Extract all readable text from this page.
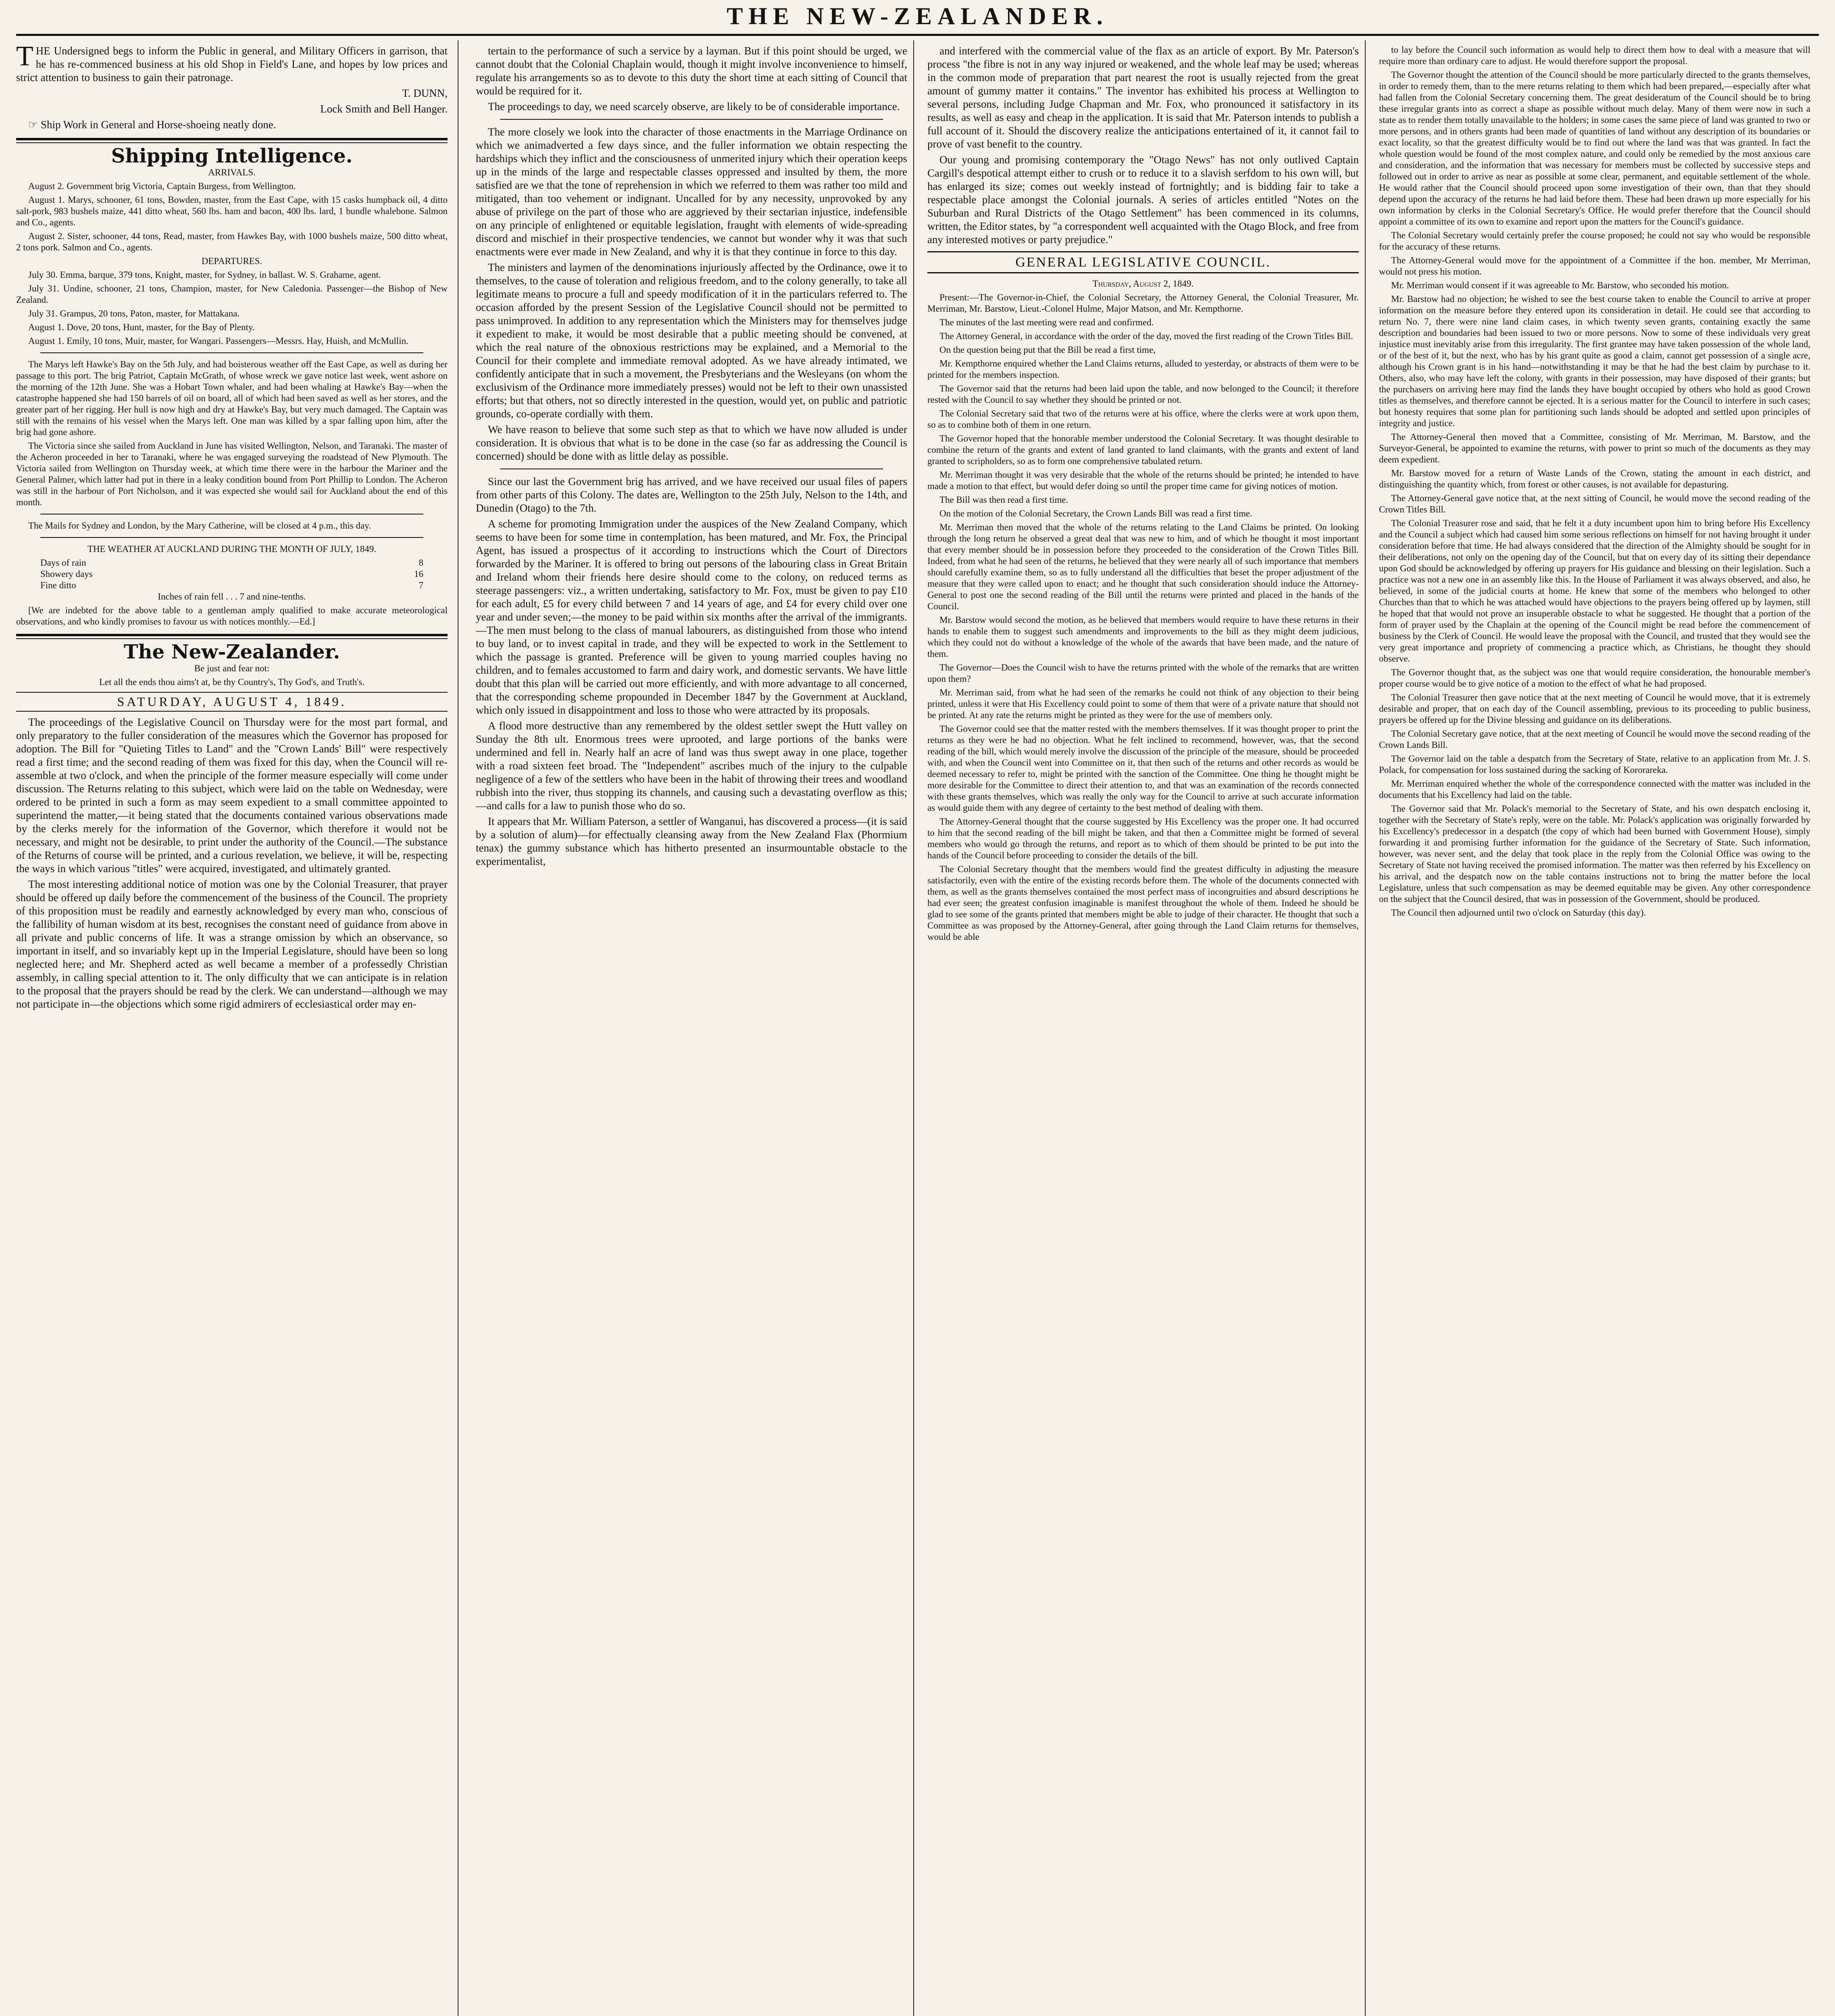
THE NEW-ZEALANDER.

THE Undersigned begs to inform the Public in general, and Military Officers in garrison, that he has re-commenced business at his old Shop in Field's Lane, and hopes by low prices and strict attention to business to gain their patronage.

T. DUNN,

Lock Smith and Bell Hanger.

☞ Ship Work in General and Horse-shoeing neatly done.

Shipping Intelligence.

ARRIVALS.

August 2. Government brig Victoria, Captain Burgess, from Wellington.

August 1. Marys, schooner, 61 tons, Bowden, master, from the East Cape, with 15 casks humpback oil, 4 ditto salt-pork, 983 bushels maize, 441 ditto wheat, 560 lbs. ham and bacon, 400 lbs. lard, 1 bundle whalebone. Salmon and Co., agents.

August 2. Sister, schooner, 44 tons, Read, master, from Hawkes Bay, with 1000 bushels maize, 500 ditto wheat, 2 tons pork. Salmon and Co., agents.

DEPARTURES.

July 30. Emma, barque, 379 tons, Knight, master, for Sydney, in ballast. W. S. Grahame, agent.

July 31. Undine, schooner, 21 tons, Champion, master, for New Caledonia. Passenger—the Bishop of New Zealand.

July 31. Grampus, 20 tons, Paton, master, for Mattakana.

August 1. Dove, 20 tons, Hunt, master, for the Bay of Plenty.

August 1. Emily, 10 tons, Muir, master, for Wangari. Passengers—Messrs. Hay, Huish, and McMullin.

The Marys left Hawke's Bay on the 5th July, and had boisterous weather off the East Cape, as well as during her passage to this port. The brig Patriot, Captain McGrath, of whose wreck we gave notice last week, went ashore on the morning of the 12th June. She was a Hobart Town whaler, and had been whaling at Hawke's Bay—when the catastrophe happened she had 150 barrels of oil on board, all of which had been saved as well as her stores, and the greater part of her rigging. Her hull is now high and dry at Hawke's Bay, but very much damaged. The Captain was still with the remains of his vessel when the Marys left. One man was killed by a spar falling upon him, after the brig had gone ashore.

The Victoria since she sailed from Auckland in June has visited Wellington, Nelson, and Taranaki. The master of the Acheron proceeded in her to Taranaki, where he was engaged surveying the roadstead of New Plymouth. The Victoria sailed from Wellington on Thursday week, at which time there were in the harbour the Mariner and the General Palmer, which latter had put in there in a leaky condition bound from Port Phillip to London. The Acheron was still in the harbour of Port Nicholson, and it was expected she would sail for Auckland about the end of this month.

The Mails for Sydney and London, by the Mary Catherine, will be closed at 4 p.m., this day.

THE WEATHER AT AUCKLAND DURING THE MONTH OF JULY, 1849.

Days of rain	8
Showery days	16
Fine ditto	7

Inches of rain fell . . . 7 and nine-tenths.

[We are indebted for the above table to a gentleman amply qualified to make accurate meteorological observations, and who kindly promises to favour us with notices monthly.—Ed.]

The New-Zealander.

Be just and fear not:

Let all the ends thou aims't at, be thy Country's, Thy God's, and Truth's.

SATURDAY, AUGUST 4, 1849.

The proceedings of the Legislative Council on Thursday were for the most part formal, and only preparatory to the fuller consideration of the measures which the Governor has proposed for adoption. The Bill for "Quieting Titles to Land" and the "Crown Lands' Bill" were respectively read a first time; and the second reading of them was fixed for this day, when the Council will re-assemble at two o'clock, and when the principle of the former measure especially will come under discussion. The Returns relating to this subject, which were laid on the table on Wednesday, were ordered to be printed in such a form as may seem expedient to a small committee appointed to superintend the matter,—it being stated that the documents contained various observations made by the clerks merely for the information of the Governor, which therefore it would not be necessary, and might not be desirable, to print under the authority of the Council.—The substance of the Returns of course will be printed, and a curious revelation, we believe, it will be, respecting the ways in which various "titles" were acquired, investigated, and ultimately granted.

The most interesting additional notice of motion was one by the Colonial Treasurer, that prayer should be offered up daily before the commencement of the business of the Council. The propriety of this proposition must be readily and earnestly acknowledged by every man who, conscious of the fallibility of human wisdom at its best, recognises the constant need of guidance from above in all private and public concerns of life. It was a strange omission by which an observance, so important in itself, and so invariably kept up in the Imperial Legislature, should have been so long neglected here; and Mr. Shepherd acted as well became a member of a professedly Christian assembly, in calling special attention to it. The only difficulty that we can anticipate is in relation to the proposal that the prayers should be read by the clerk. We can understand—although we may not participate in—the objections which some rigid admirers of ecclesiastical order may en-

tertain to the performance of such a service by a layman. But if this point should be urged, we cannot doubt that the Colonial Chaplain would, though it might involve inconvenience to himself, regulate his arrangements so as to devote to this duty the short time at each sitting of Council that would be required for it.

The proceedings to day, we need scarcely observe, are likely to be of considerable importance.

The more closely we look into the character of those enactments in the Marriage Ordinance on which we animadverted a few days since, and the fuller information we obtain respecting the hardships which they inflict and the consciousness of unmerited injury which their operation keeps up in the minds of the large and respectable classes oppressed and insulted by them, the more satisfied are we that the tone of reprehension in which we referred to them was rather too mild and mitigated, than too vehement or indignant. Uncalled for by any necessity, unprovoked by any abuse of privilege on the part of those who are aggrieved by their sectarian injustice, indefensible on any principle of enlightened or equitable legislation, fraught with elements of wide-spreading discord and mischief in their prospective tendencies, we cannot but wonder why it was that such enactments were ever made in New Zealand, and why it is that they continue in force to this day.

The ministers and laymen of the denominations injuriously affected by the Ordinance, owe it to themselves, to the cause of toleration and religious freedom, and to the colony generally, to take all legitimate means to procure a full and speedy modification of it in the particulars referred to. The occasion afforded by the present Session of the Legislative Council should not be permitted to pass unimproved. In addition to any representation which the Ministers may for themselves judge it expedient to make, it would be most desirable that a public meeting should be convened, at which the real nature of the obnoxious restrictions may be explained, and a Memorial to the Council for their complete and immediate removal adopted. As we have already intimated, we confidently anticipate that in such a movement, the Presbyterians and the Wesleyans (on whom the exclusivism of the Ordinance more immediately presses) would not be left to their own unassisted efforts; but that others, not so directly interested in the question, would yet, on public and patriotic grounds, co-operate cordially with them.

We have reason to believe that some such step as that to which we have now alluded is under consideration. It is obvious that what is to be done in the case (so far as addressing the Council is concerned) should be done with as little delay as possible.

Since our last the Government brig has arrived, and we have received our usual files of papers from other parts of this Colony. The dates are, Wellington to the 25th July, Nelson to the 14th, and Dunedin (Otago) to the 7th.

A scheme for promoting Immigration under the auspices of the New Zealand Company, which seems to have been for some time in contemplation, has been matured, and Mr. Fox, the Principal Agent, has issued a prospectus of it according to instructions which the Court of Directors forwarded by the Mariner. It is offered to bring out persons of the labouring class in Great Britain and Ireland whom their friends here desire should come to the colony, on reduced terms as steerage passengers: viz., a written undertaking, satisfactory to Mr. Fox, must be given to pay £10 for each adult, £5 for every child between 7 and 14 years of age, and £4 for every child over one year and under seven;—the money to be paid within six months after the arrival of the immigrants.—The men must belong to the class of manual labourers, as distinguished from those who intend to buy land, or to invest capital in trade, and they will be expected to work in the Settlement to which the passage is granted. Preference will be given to young married couples having no children, and to females accustomed to farm and dairy work, and domestic servants. We have little doubt that this plan will be carried out more efficiently, and with more advantage to all concerned, that the corresponding scheme propounded in December 1847 by the Government at Auckland, which only issued in disappointment and loss to those who were attracted by its proposals.

A flood more destructive than any remembered by the oldest settler swept the Hutt valley on Sunday the 8th ult. Enormous trees were uprooted, and large portions of the banks were undermined and fell in. Nearly half an acre of land was thus swept away in one place, together with a road sixteen feet broad. The "Independent" ascribes much of the injury to the culpable negligence of a few of the settlers who have been in the habit of throwing their trees and woodland rubbish into the river, thus stopping its channels, and causing such a devastating overflow as this;—and calls for a law to punish those who do so.

It appears that Mr. William Paterson, a settler of Wanganui, has discovered a process—(it is said by a solution of alum)—for effectually cleansing away from the New Zealand Flax (Phormium tenax) the gummy substance which has hitherto presented an insurmountable obstacle to the experimentalist,

and interfered with the commercial value of the flax as an article of export. By Mr. Paterson's process "the fibre is not in any way injured or weakened, and the whole leaf may be used; whereas in the common mode of preparation that part nearest the root is usually rejected from the great amount of gummy matter it contains." The inventor has exhibited his process at Wellington to several persons, including Judge Chapman and Mr. Fox, who pronounced it satisfactory in its results, as well as easy and cheap in the application. It is said that Mr. Paterson intends to publish a full account of it. Should the discovery realize the anticipations entertained of it, it cannot fail to prove of vast benefit to the country.

Our young and promising contemporary the "Otago News" has not only outlived Captain Cargill's despotical attempt either to crush or to reduce it to a slavish serfdom to his own will, but has enlarged its size; comes out weekly instead of fortnightly; and is bidding fair to take a respectable place amongst the Colonial journals. A series of articles entitled "Notes on the Suburban and Rural Districts of the Otago Settlement" has been commenced in its columns, written, the Editor states, by "a correspondent well acquainted with the Otago Block, and free from any interested motives or party prejudice."

GENERAL LEGISLATIVE COUNCIL.

Thursday, August 2, 1849.

Present:—The Governor-in-Chief, the Colonial Secretary, the Attorney General, the Colonial Treasurer, Mr. Merriman, Mr. Barstow, Lieut.-Colonel Hulme, Major Matson, and Mr. Kempthorne.

The minutes of the last meeting were read and confirmed.

The Attorney General, in accordance with the order of the day, moved the first reading of the Crown Titles Bill.

On the question being put that the Bill be read a first time,

Mr. Kempthorne enquired whether the Land Claims returns, alluded to yesterday, or abstracts of them were to be printed for the members inspection.

The Governor said that the returns had been laid upon the table, and now belonged to the Council; it therefore rested with the Council to say whether they should be printed or not.

The Colonial Secretary said that two of the returns were at his office, where the clerks were at work upon them, so as to combine both of them in one return.

The Governor hoped that the honorable member understood the Colonial Secretary. It was thought desirable to combine the return of the grants and extent of land granted to land claimants, with the grants and extent of land granted to scripholders, so as to form one comprehensive tabulated return.

Mr. Merriman thought it was very desirable that the whole of the returns should be printed; he intended to have made a motion to that effect, but would defer doing so until the proper time came for giving notices of motion.

The Bill was then read a first time.

On the motion of the Colonial Secretary, the Crown Lands Bill was read a first time.

Mr. Merriman then moved that the whole of the returns relating to the Land Claims be printed. On looking through the long return he observed a great deal that was new to him, and of which he thought it most important that every member should be in possession before they proceeded to the consideration of the Crown Titles Bill. Indeed, from what he had seen of the returns, he believed that they were nearly all of such importance that members should carefully examine them, so as to fully understand all the difficulties that beset the proper adjustment of the measure that they were called upon to enact; and he thought that such consideration should induce the Attorney-General to post one the second reading of the Bill until the returns were printed and placed in the hands of the Council.

Mr. Barstow would second the motion, as he believed that members would require to have these returns in their hands to enable them to suggest such amendments and improvements to the bill as they might deem judicious, which they could not do without a knowledge of the whole of the awards that have been made, and the nature of them.

The Governor—Does the Council wish to have the returns printed with the whole of the remarks that are written upon them?

Mr. Merriman said, from what he had seen of the remarks he could not think of any objection to their being printed, unless it were that His Excellency could point to some of them that were of a private nature that should not be printed. At any rate the returns might be printed as they were for the use of members only.

The Governor could see that the matter rested with the members themselves. If it was thought proper to print the returns as they were he had no objection. What he felt inclined to recommend, however, was, that the second reading of the bill, which would merely involve the discussion of the principle of the measure, should be proceeded with, and when the Council went into Committee on it, that then such of the returns and other records as would be deemed necessary to refer to, might be printed with the sanction of the Committee. One thing he thought might be more desirable for the Committee to direct their attention to, and that was an examination of the records connected with these grants themselves, which was really the only way for the Council to arrive at such accurate information as would guide them with any degree of certainty to the best method of dealing with them.

The Attorney-General thought that the course suggested by His Excellency was the proper one. It had occurred to him that the second reading of the bill might be taken, and that then a Committee might be formed of several members who would go through the returns, and report as to which of them should be printed to be put into the hands of the Council before proceeding to consider the details of the bill.

The Colonial Secretary thought that the members would find the greatest difficulty in adjusting the measure satisfactorily, even with the entire of the existing records before them. The whole of the documents connected with them, as well as the grants themselves contained the most perfect mass of incongruities and absurd descriptions he had ever seen; the greatest confusion imaginable is manifest throughout the whole of them. Indeed he should be glad to see some of the grants printed that members might be able to judge of their character. He thought that such a Committee as was proposed by the Attorney-General, after going through the Land Claim returns for themselves, would be able

to lay before the Council such information as would help to direct them how to deal with a measure that will require more than ordinary care to adjust. He would therefore support the proposal.

The Governor thought the attention of the Council should be more particularly directed to the grants themselves, in order to remedy them, than to the mere returns relating to them which had been prepared,—especially after what had fallen from the Colonial Secretary concerning them. The great desideratum of the Council should be to bring these irregular grants into as correct a shape as possible without much delay. Many of them were now in such a state as to render them totally unavailable to the holders; in some cases the same piece of land was granted to two or more persons, and in others grants had been made of quantities of land without any description of its boundaries or exact locality, so that the greatest difficulty would be to find out where the land was that was granted. In fact the whole question would be found of the most complex nature, and could only be remedied by the most anxious care and consideration, and the information that was necessary for members must be collected by successive steps and followed out in order to arrive as near as possible at some clear, permanent, and equitable settlement of the whole. He would rather that the Council should proceed upon some investigation of their own, than that they should depend upon the accuracy of the returns he had laid before them. These had been drawn up more especially for his own information by clerks in the Colonial Secretary's Office. He would prefer therefore that the Council should appoint a committee of its own to examine and report upon the matters for the Council's guidance.

The Colonial Secretary would certainly prefer the course proposed; he could not say who would be responsible for the accuracy of these returns.

The Attorney-General would move for the appointment of a Committee if the hon. member, Mr Merriman, would not press his motion.

Mr. Merriman would consent if it was agreeable to Mr. Barstow, who seconded his motion.

Mr. Barstow had no objection; he wished to see the best course taken to enable the Council to arrive at proper information on the measure before they entered upon its consideration in detail. He could see that according to return No. 7, there were nine land claim cases, in which twenty seven grants, containing exactly the same description and boundaries had been issued to two or more persons. Now to some of these individuals very great injustice must inevitably arise from this irregularity. The first grantee may have taken possession of the whole land, or of the best of it, but the next, who has by his grant quite as good a claim, cannot get possession of a single acre, although his Crown grant is in his hand—notwithstanding it may be that he had the best claim by purchase to it. Others, also, who may have left the colony, with grants in their possession, may have disposed of their grants; but the purchasers on arriving here may find the lands they have bought occupied by others who hold as good Crown titles as themselves, and therefore cannot be ejected. It is a serious matter for the Council to interfere in such cases; but honesty requires that some plan for partitioning such lands should be adopted and settled upon principles of integrity and justice.

The Attorney-General then moved that a Committee, consisting of Mr. Merriman, M. Barstow, and the Surveyor-General, be appointed to examine the returns, with power to print so much of the documents as they may deem expedient.

Mr. Barstow moved for a return of Waste Lands of the Crown, stating the amount in each district, and distinguishing the quantity which, from forest or other causes, is not available for depasturing.

The Attorney-General gave notice that, at the next sitting of Council, he would move the second reading of the Crown Titles Bill.

The Colonial Treasurer rose and said, that he felt it a duty incumbent upon him to bring before His Excellency and the Council a subject which had caused him some serious reflections on himself for not having brought it under consideration before that time. He had always considered that the direction of the Almighty should be sought for in their deliberations, not only on the opening day of the Council, but that on every day of its sitting their dependance upon God should be acknowledged by offering up prayers for His guidance and blessing on their legislation. Such a practice was not a new one in an assembly like this. In the House of Parliament it was always observed, and also, he believed, in some of the judicial courts at home. He knew that some of the members who belonged to other Churches than that to which he was attached would have objections to the prayers being offered up by laymen, still he hoped that that would not prove an insuperable obstacle to what he suggested. He thought that a portion of the form of prayer used by the Chaplain at the opening of the Council might be read before the commencement of business by the Clerk of Council. He would leave the proposal with the Council, and trusted that they would see the very great importance and propriety of commencing a practice which, as Christians, he thought they should observe.

The Governor thought that, as the subject was one that would require consideration, the honourable member's proper course would be to give notice of a motion to the effect of what he had proposed.

The Colonial Treasurer then gave notice that at the next meeting of Council he would move, that it is extremely desirable and proper, that on each day of the Council assembling, previous to its proceeding to public business, prayers be offered up for the Divine blessing and guidance on its deliberations.

The Colonial Secretary gave notice, that at the next meeting of Council he would move the second reading of the Crown Lands Bill.

The Governor laid on the table a despatch from the Secretary of State, relative to an application from Mr. J. S. Polack, for compensation for loss sustained during the sacking of Kororareka.

Mr. Merriman enquired whether the whole of the correspondence connected with the matter was included in the documents that his Excellency had laid on the table.

The Governor said that Mr. Polack's memorial to the Secretary of State, and his own despatch enclosing it, together with the Secretary of State's reply, were on the table. Mr. Polack's application was originally forwarded by his Excellency's predecessor in a despatch (the copy of which had been burned with Government House), simply forwarding it and promising further information for the guidance of the Secretary of State. Such information, however, was never sent, and the delay that took place in the reply from the Colonial Office was owing to the Secretary of State not having received the promised information. The matter was then referred by his Excellency on his arrival, and the despatch now on the table contains instructions not to bring the matter before the local Legislature, unless that such compensation as may be deemed equitable may be given. Any other correspondence on the subject that the Council desired, that was in possession of the Government, should be produced.

The Council then adjourned until two o'clock on Saturday (this day).
